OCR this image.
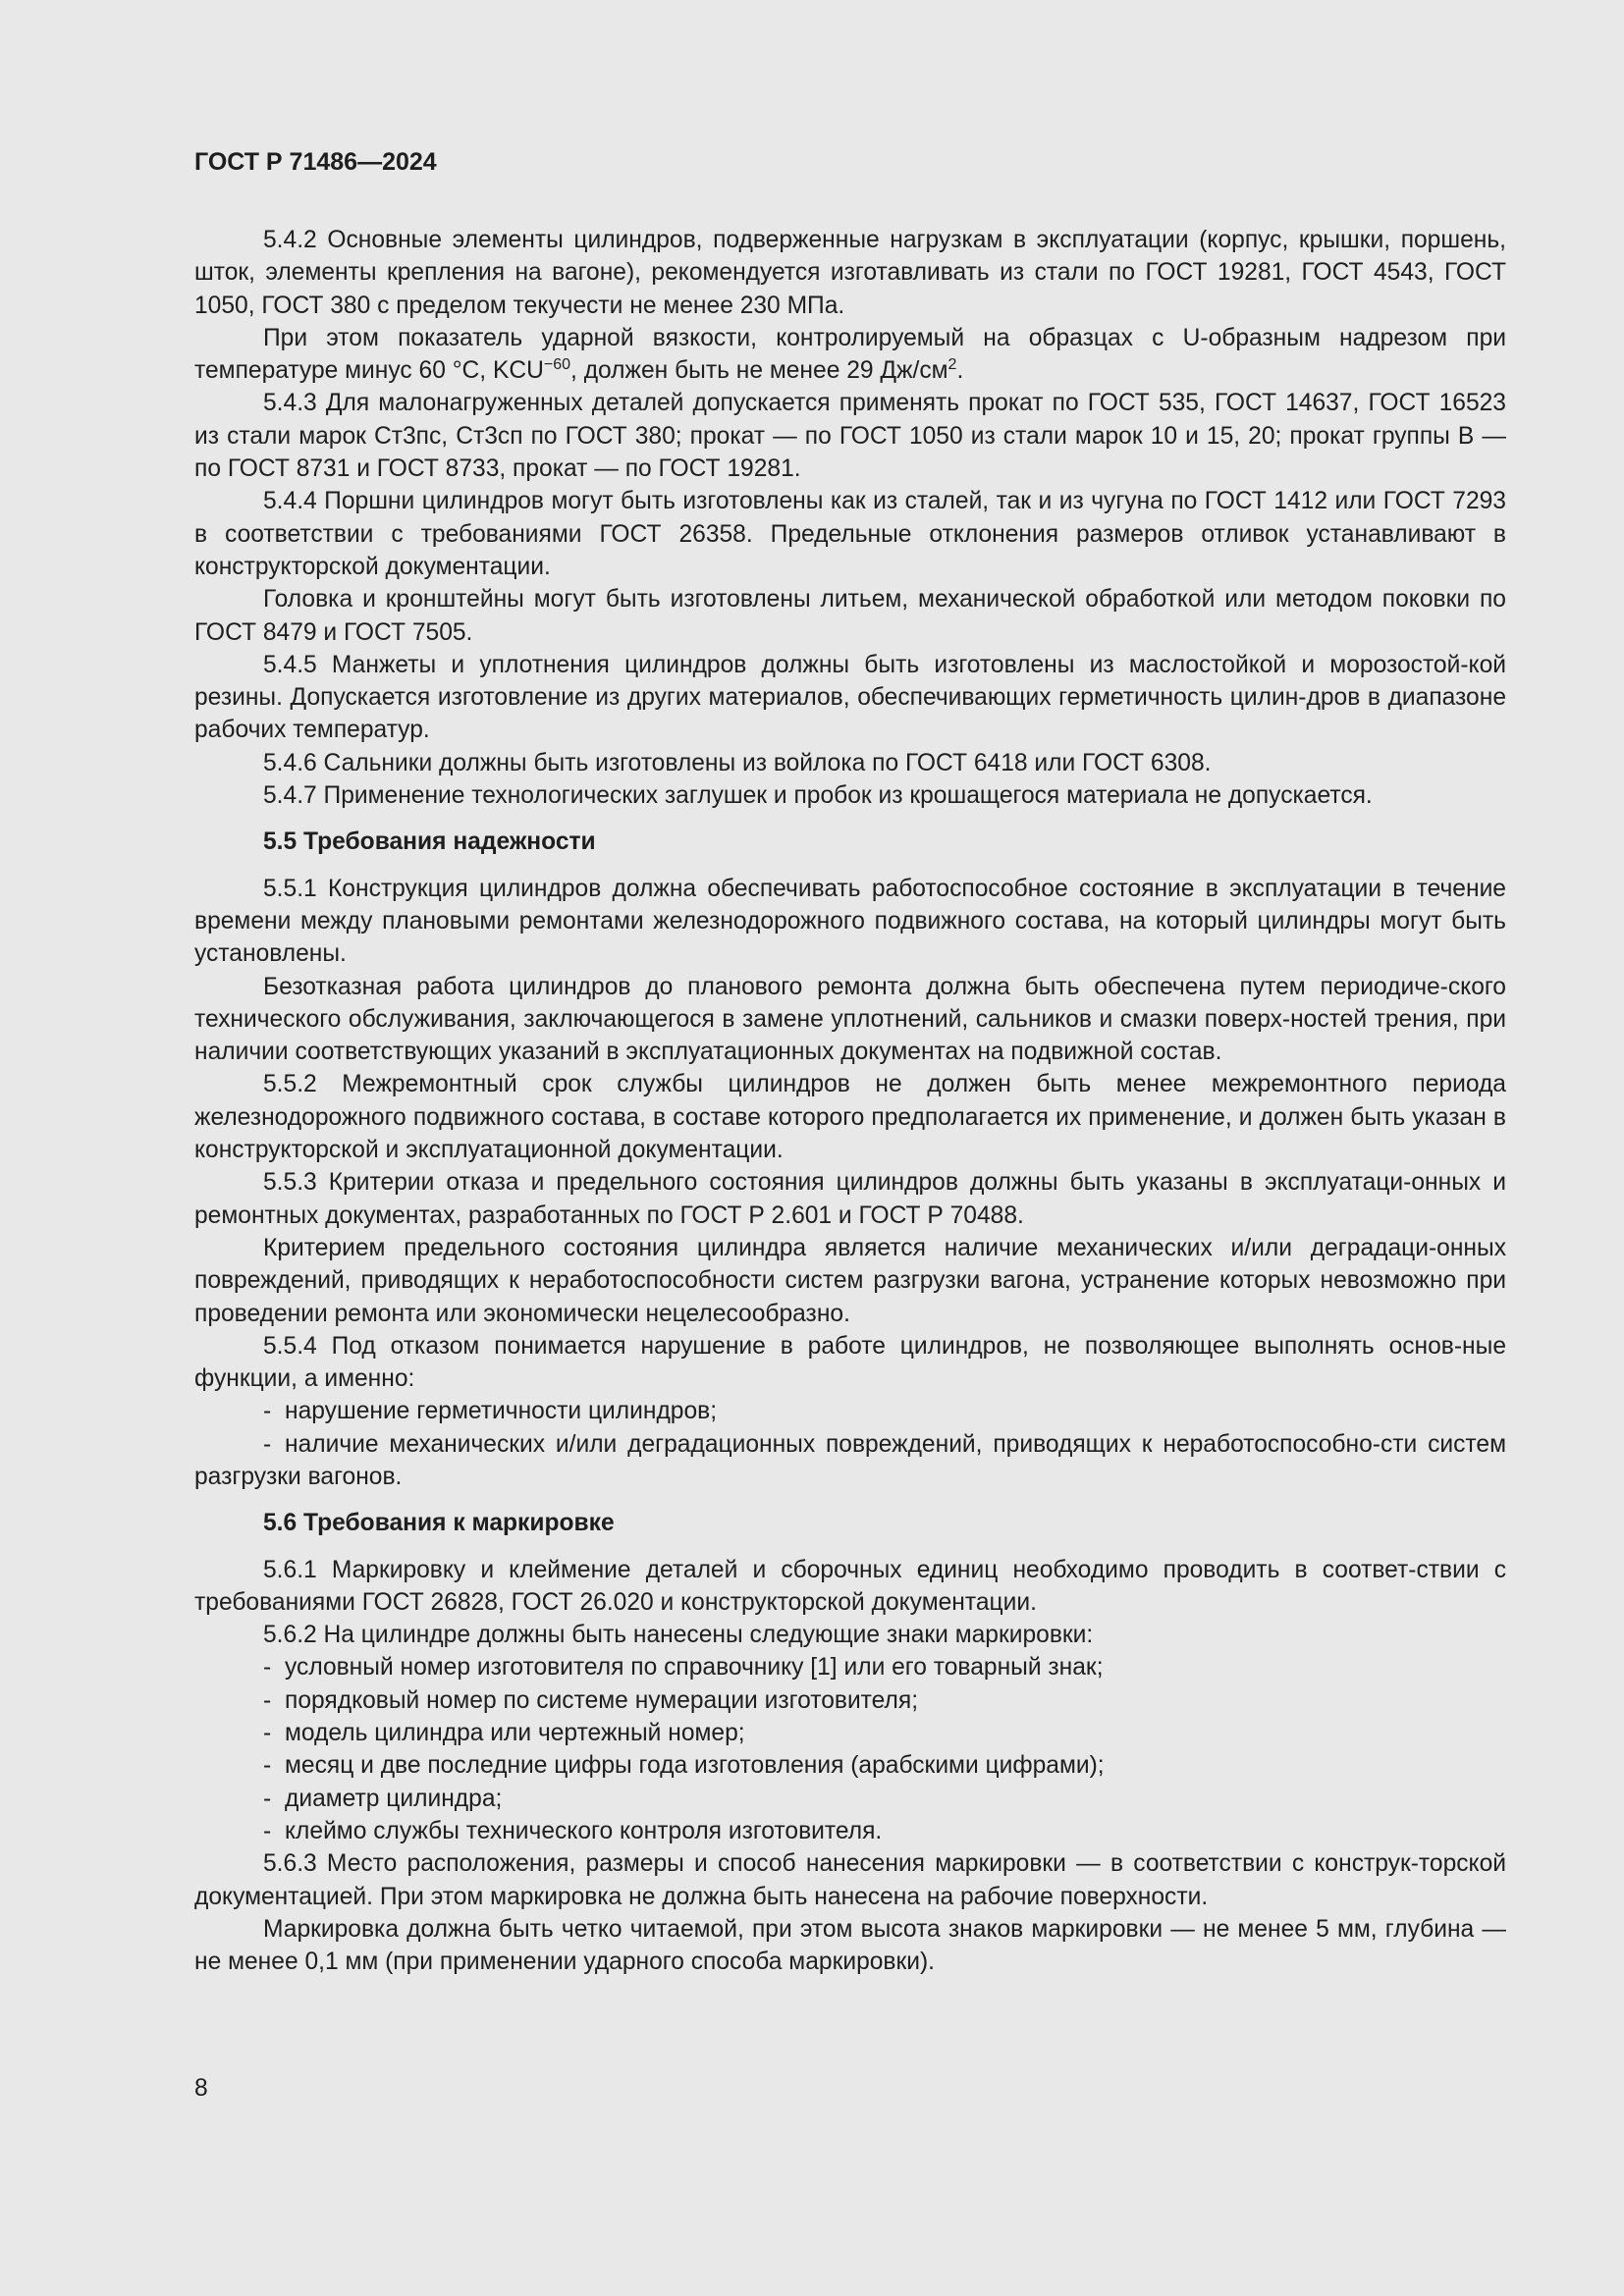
ГОСТ Р 71486—2024

5.4.2 Основные элементы цилиндров, подверженные нагрузкам в эксплуатации (корпус, крышки, поршень, шток, элементы крепления на вагоне), рекомендуется изготавливать из стали по ГОСТ 19281, ГОСТ 4543, ГОСТ 1050, ГОСТ 380 с пределом текучести не менее 230 МПа.

При этом показатель ударной вязкости, контролируемый на образцах с U-образным надрезом при температуре минус 60 °C, $KCU^{-60}$, должен быть не менее 29 $Дж/см^2$.

5.4.3 Для малонагруженных деталей допускается применять прокат по ГОСТ 535, ГОСТ 14637, ГОСТ 16523 из стали марок Ст3пс, Ст3сп по ГОСТ 380; прокат — по ГОСТ 1050 из стали марок 10 и 15, 20; прокат группы В — по ГОСТ 8731 и ГОСТ 8733, прокат — по ГОСТ 19281.

5.4.4 Поршни цилиндров могут быть изготовлены как из сталей, так и из чугуна по ГОСТ 1412 или ГОСТ 7293 в соответствии с требованиями ГОСТ 26358. Предельные отклонения размеров отливок устанавливают в конструкторской документации.

Головка и кронштейны могут быть изготовлены литьем, механической обработкой или методом поковки по ГОСТ 8479 и ГОСТ 7505.

5.4.5 Манжеты и уплотнения цилиндров должны быть изготовлены из маслостойкой и морозостой-кой резины. Допускается изготовление из других материалов, обеспечивающих герметичность цилин-дров в диапазоне рабочих температур.

5.4.6 Сальники должны быть изготовлены из войлока по ГОСТ 6418 или ГОСТ 6308.

5.4.7 Применение технологических заглушек и пробок из крошащегося материала не допускается.

5.5 Требования надежности

5.5.1 Конструкция цилиндров должна обеспечивать работоспособное состояние в эксплуатации в течение времени между плановыми ремонтами железнодорожного подвижного состава, на который цилиндры могут быть установлены.

Безотказная работа цилиндров до планового ремонта должна быть обеспечена путем периодиче-ского технического обслуживания, заключающегося в замене уплотнений, сальников и смазки поверх-ностей трения, при наличии соответствующих указаний в эксплуатационных документах на подвижной состав.

5.5.2 Межремонтный срок службы цилиндров не должен быть менее межремонтного периода железнодорожного подвижного состава, в составе которого предполагается их применение, и должен быть указан в конструкторской и эксплуатационной документации.

5.5.3 Критерии отказа и предельного состояния цилиндров должны быть указаны в эксплуатаци-онных и ремонтных документах, разработанных по ГОСТ Р 2.601 и ГОСТ Р 70488.

Критерием предельного состояния цилиндра является наличие механических и/или деградаци-онных повреждений, приводящих к неработоспособности систем разгрузки вагона, устранение которых невозможно при проведении ремонта или экономически нецелесообразно.

5.5.4 Под отказом понимается нарушение в работе цилиндров, не позволяющее выполнять основ-ные функции, а именно:

- нарушение герметичности цилиндров;

- наличие механических и/или деградационных повреждений, приводящих к неработоспособно-сти систем разгрузки вагонов.

5.6 Требования к маркировке

5.6.1 Маркировку и клеймение деталей и сборочных единиц необходимо проводить в соответ-ствии с требованиями ГОСТ 26828, ГОСТ 26.020 и конструкторской документации.

5.6.2 На цилиндре должны быть нанесены следующие знаки маркировки:

- условный номер изготовителя по справочнику [1] или его товарный знак;

- порядковый номер по системе нумерации изготовителя;

- модель цилиндра или чертежный номер;

- месяц и две последние цифры года изготовления (арабскими цифрами);

- диаметр цилиндра;

- клеймо службы технического контроля изготовителя.

5.6.3 Место расположения, размеры и способ нанесения маркировки — в соответствии с конструк-торской документацией. При этом маркировка не должна быть нанесена на рабочие поверхности.

Маркировка должна быть четко читаемой, при этом высота знаков маркировки — не менее 5 мм, глубина — не менее 0,1 мм (при применении ударного способа маркировки).

8
